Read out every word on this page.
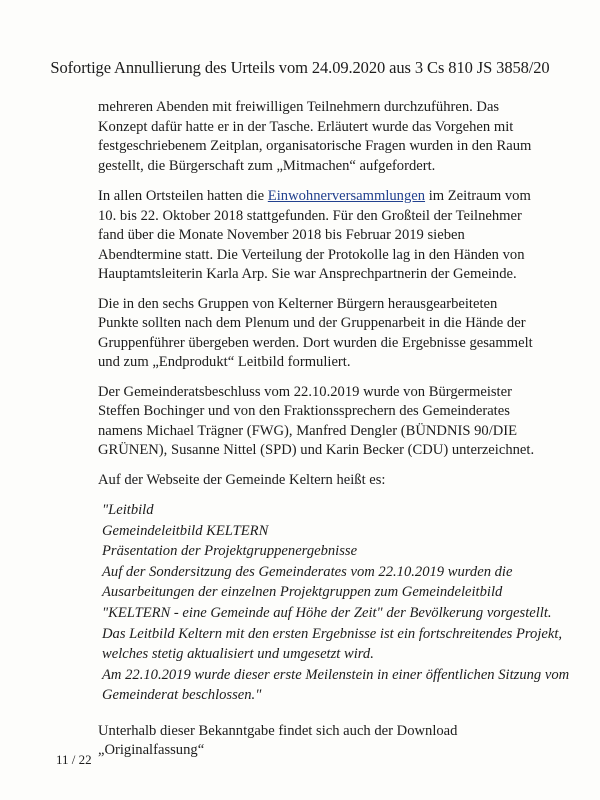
Sofortige Annullierung des Urteils vom 24.09.2020 aus 3 Cs 810 JS 3858/20

mehreren Abenden mit freiwilligen Teilnehmern durchzuführen. Das Konzept dafür hatte er in der Tasche. Erläutert wurde das Vorgehen mit festgeschriebenem Zeitplan, organisatorische Fragen wurden in den Raum gestellt, die Bürgerschaft zum „Mitmachen“ aufgefordert.

In allen Ortsteilen hatten die Einwohnerversammlungen im Zeitraum vom 10. bis 22. Oktober 2018 stattgefunden. Für den Großteil der Teilnehmer fand über die Monate November 2018 bis Februar 2019 sieben Abendtermine statt. Die Verteilung der Protokolle lag in den Händen von Hauptamtsleiterin Karla Arp. Sie war Ansprechpartnerin der Gemeinde.

Die in den sechs Gruppen von Kelterner Bürgern herausgearbeiteten Punkte sollten nach dem Plenum und der Gruppenarbeit in die Hände der Gruppenführer übergeben werden. Dort wurden die Ergebnisse gesammelt und zum „Endprodukt“ Leitbild formuliert.

Der Gemeinderatsbeschluss vom 22.10.2019 wurde von Bürgermeister Steffen Bochinger und von den Fraktionssprechern des Gemeinderates namens Michael Trägner (FWG), Manfred Dengler (BÜNDNIS 90/DIE GRÜNEN), Susanne Nittel (SPD) und Karin Becker (CDU) unterzeichnet.

Auf der Webseite der Gemeinde Keltern heißt es:

"Leitbild
Gemeindeleitbild KELTERN
Präsentation der Projektgruppenergebnisse
Auf der Sondersitzung des Gemeinderates vom 22.10.2019 wurden die
Ausarbeitungen der einzelnen Projektgruppen zum Gemeindeleitbild
"KELTERN - eine Gemeinde auf Höhe der Zeit" der Bevölkerung vorgestellt.
Das Leitbild Keltern mit den ersten Ergebnisse ist ein fortschreitendes Projekt,
welches stetig aktualisiert und umgesetzt wird.
Am 22.10.2019 wurde dieser erste Meilenstein in einer öffentlichen Sitzung vom
Gemeinderat beschlossen."

Unterhalb dieser Bekanntgabe findet sich auch der Download „Originalfassung“

11 / 22
